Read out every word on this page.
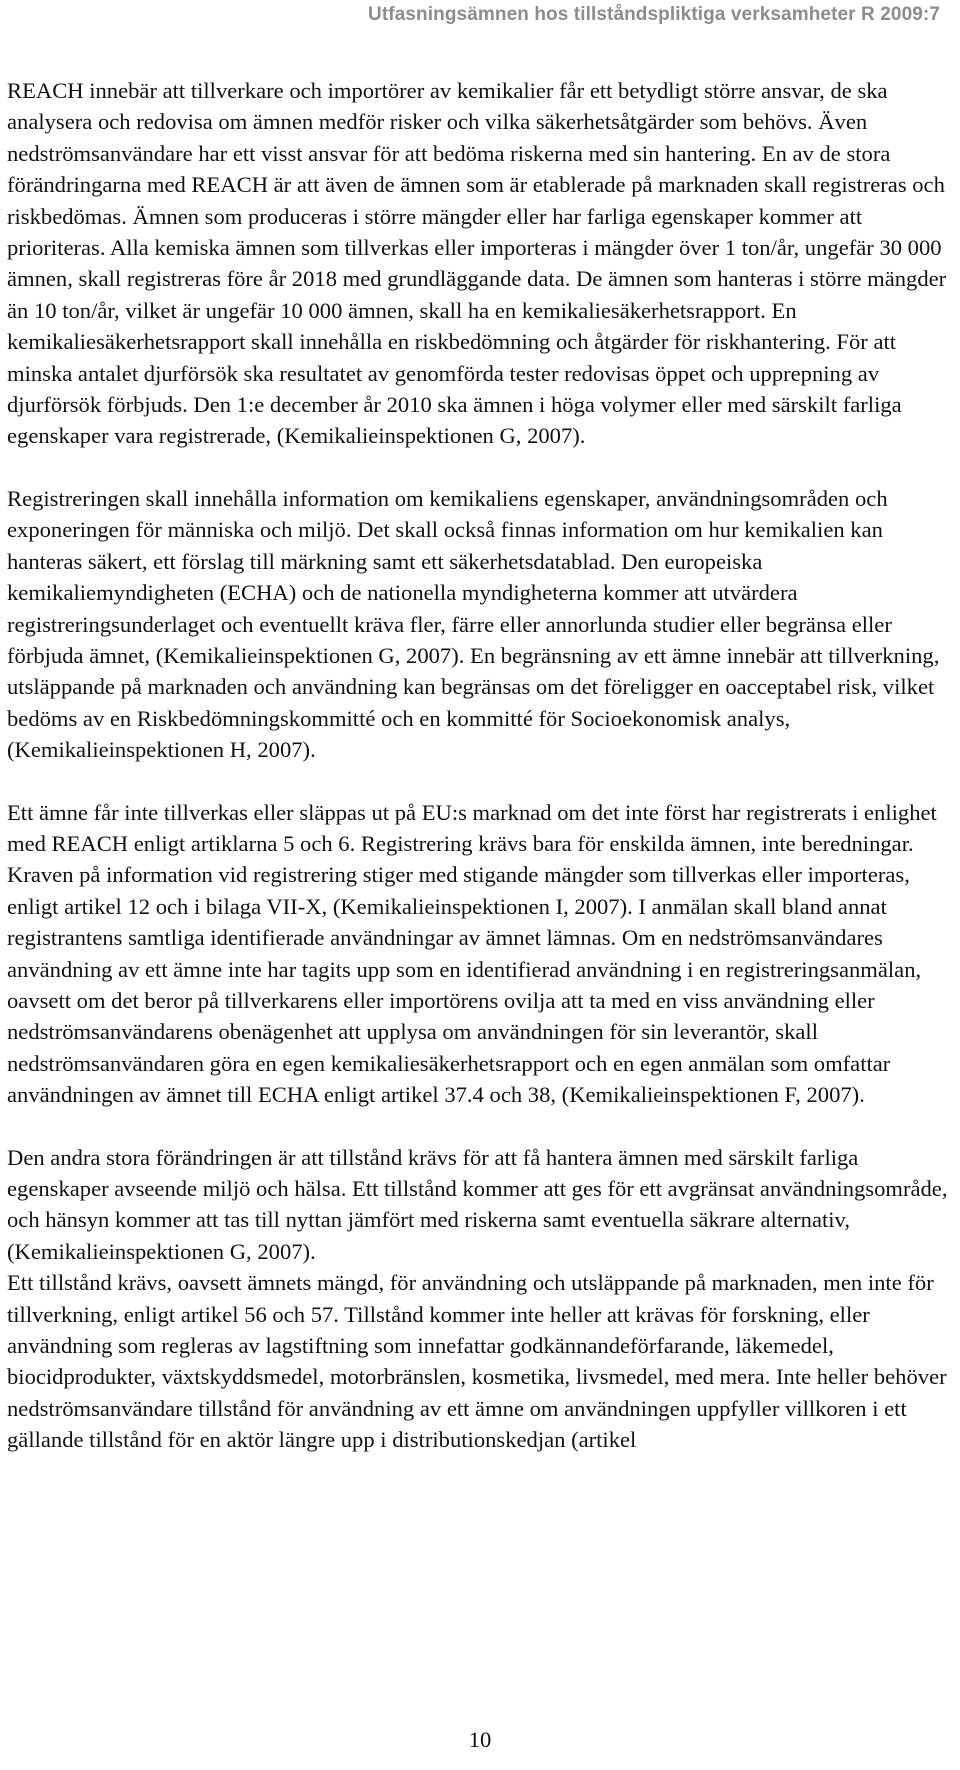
Utfasningsämnen hos tillståndspliktiga verksamheter R 2009:7

REACH innebär att tillverkare och importörer av kemikalier får ett betydligt större ansvar, de ska analysera och redovisa om ämnen medför risker och vilka säkerhetsåtgärder som behövs. Även nedströmsanvändare har ett visst ansvar för att bedöma riskerna med sin hantering. En av de stora förändringarna med REACH är att även de ämnen som är etablerade på marknaden skall registreras och riskbedömas. Ämnen som produceras i större mängder eller har farliga egenskaper kommer att prioriteras. Alla kemiska ämnen som tillverkas eller importeras i mängder över 1 ton/år, ungefär 30 000 ämnen, skall registreras före år 2018 med grundläggande data. De ämnen som hanteras i större mängder än 10 ton/år, vilket är ungefär 10 000 ämnen, skall ha en kemikaliesäkerhetsrapport. En kemikaliesäkerhetsrapport skall innehålla en riskbedömning och åtgärder för riskhantering. För att minska antalet djurförsök ska resultatet av genomförda tester redovisas öppet och upprepning av djurförsök förbjuds. Den 1:e december år 2010 ska ämnen i höga volymer eller med särskilt farliga egenskaper vara registrerade, (Kemikalieinspektionen G, 2007).

Registreringen skall innehålla information om kemikaliens egenskaper, användningsområden och exponeringen för människa och miljö. Det skall också finnas information om hur kemikalien kan hanteras säkert, ett förslag till märkning samt ett säkerhetsdatablad. Den europeiska kemikaliemyndigheten (ECHA) och de nationella myndigheterna kommer att utvärdera registreringsunderlaget och eventuellt kräva fler, färre eller annorlunda studier eller begränsa eller förbjuda ämnet, (Kemikalieinspektionen G, 2007). En begränsning av ett ämne innebär att tillverkning, utsläppande på marknaden och användning kan begränsas om det föreligger en oacceptabel risk, vilket bedöms av en Riskbedömningskommitté och en kommitté för Socioekonomisk analys, (Kemikalieinspektionen H, 2007).

Ett ämne får inte tillverkas eller släppas ut på EU:s marknad om det inte först har registrerats i enlighet med REACH enligt artiklarna 5 och 6. Registrering krävs bara för enskilda ämnen, inte beredningar. Kraven på information vid registrering stiger med stigande mängder som tillverkas eller importeras, enligt artikel 12 och i bilaga VII-X, (Kemikalieinspektionen I, 2007). I anmälan skall bland annat registrantens samtliga identifierade användningar av ämnet lämnas. Om en nedströmsanvändares användning av ett ämne inte har tagits upp som en identifierad användning i en registreringsanmälan, oavsett om det beror på tillverkarens eller importörens ovilja att ta med en viss användning eller nedströmsanvändarens obenägenhet att upplysa om användningen för sin leverantör, skall nedströmsanvändaren göra en egen kemikaliesäkerhetsrapport och en egen anmälan som omfattar användningen av ämnet till ECHA enligt artikel 37.4 och 38, (Kemikalieinspektionen F, 2007).

Den andra stora förändringen är att tillstånd krävs för att få hantera ämnen med särskilt farliga egenskaper avseende miljö och hälsa. Ett tillstånd kommer att ges för ett avgränsat användningsområde, och hänsyn kommer att tas till nyttan jämfört med riskerna samt eventuella säkrare alternativ, (Kemikalieinspektionen G, 2007).

Ett tillstånd krävs, oavsett ämnets mängd, för användning och utsläppande på marknaden, men inte för tillverkning, enligt artikel 56 och 57. Tillstånd kommer inte heller att krävas för forskning, eller användning som regleras av lagstiftning som innefattar godkännandeförfarande, läkemedel, biocidprodukter, växtskyddsmedel, motorbränslen, kosmetika, livsmedel, med mera. Inte heller behöver nedströmsanvändare tillstånd för användning av ett ämne om användningen uppfyller villkoren i ett gällande tillstånd för en aktör längre upp i distributionskedjan (artikel

10
